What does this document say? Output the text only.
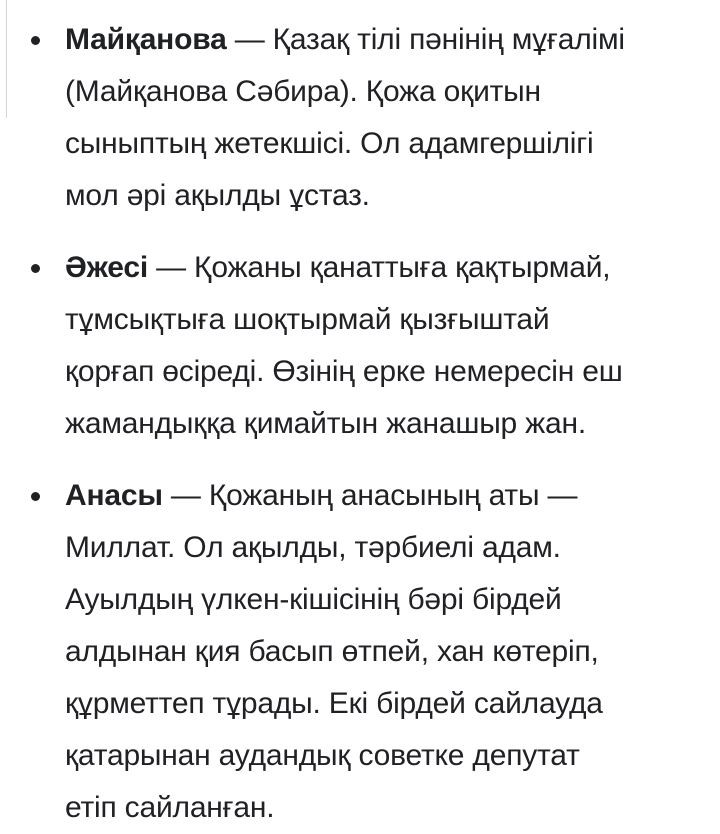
Майқанова — Қазақ тілі пәнінің мұғалімі
(Майқанова Сәбира). Қожа оқитын
сыныптың жетекшісі. Ол адамгершілігі
мол әрі ақылды ұстаз.
Әжесі — Қожаны қанаттыға қақтырмай,
тұмсықтыға шоқтырмай қызғыштай
қорғап өсіреді. Өзінің ерке немересін еш
жамандыққа қимайтын жанашыр жан.
Анасы — Қожаның анасының аты —
Миллат. Ол ақылды, тәрбиелі адам.
Ауылдың үлкен-кішісінің бәрі бірдей
алдынан қия басып өтпей, хан көтеріп,
құрметтеп тұрады. Екі бірдей сайлауда
қатарынан аудандық советке депутат
етіп сайланған.
